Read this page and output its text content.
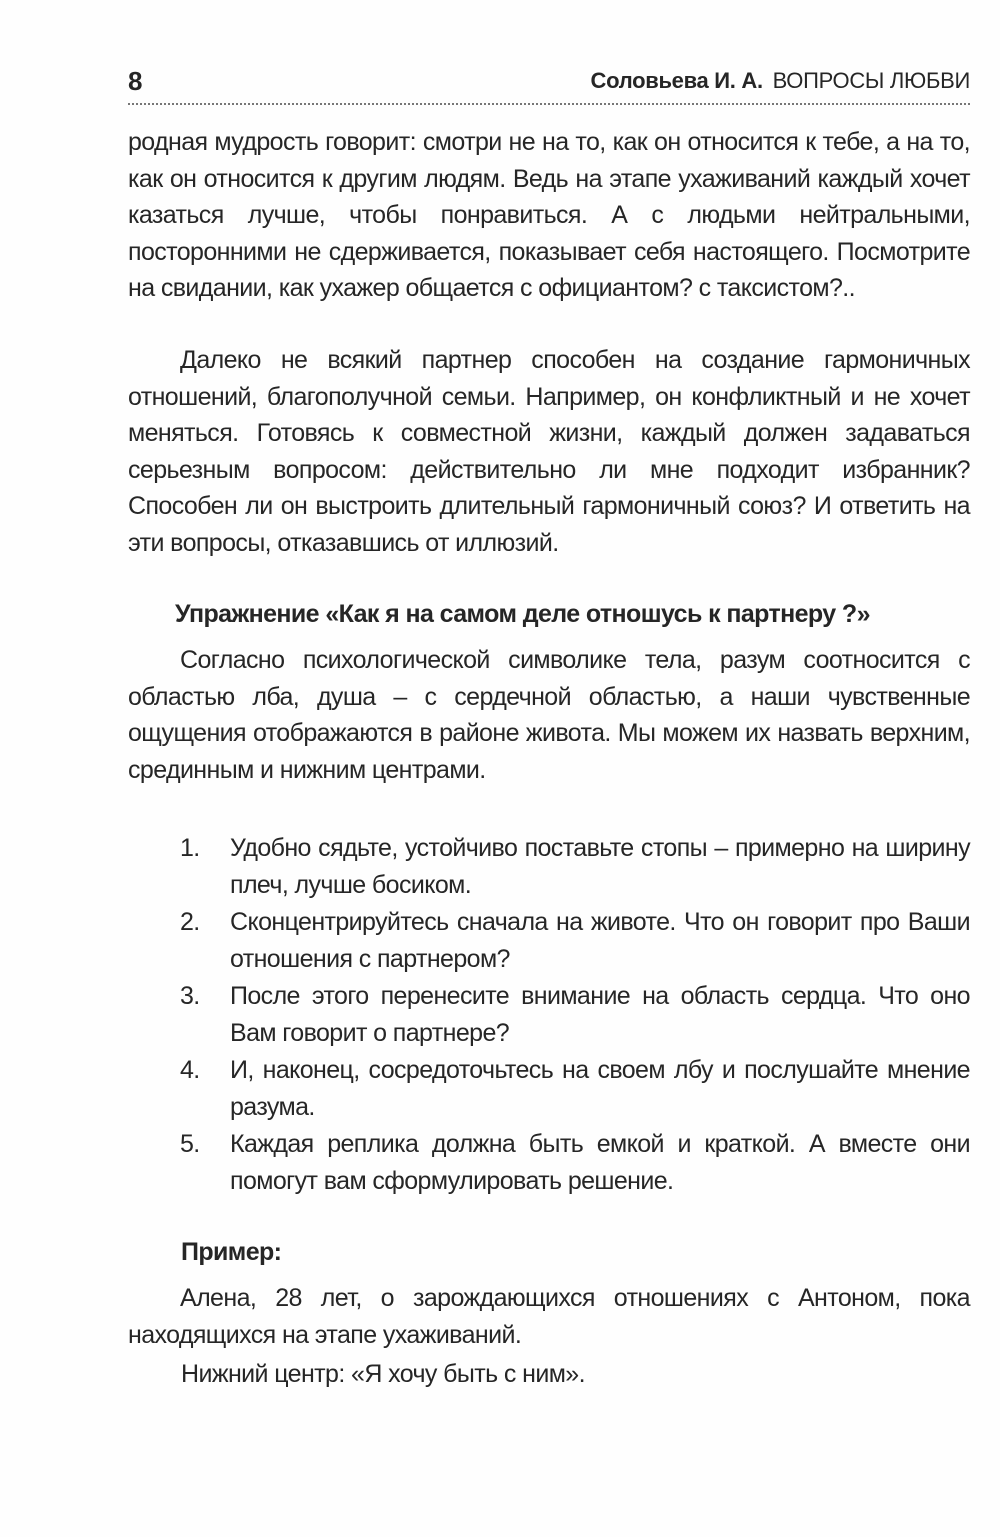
8	Соловьева И. А. ВОПРОСЫ ЛЮБВИ

родная мудрость говорит: смотри не на то, как он относится к тебе, а на то, как он относится к другим людям. Ведь на этапе ухаживаний каждый хочет казаться лучше, чтобы понравиться. А с людьми нейтральными, посторонними не сдерживается, показывает себя настоящего. Посмотрите на свидании, как ухажер общается с официантом? с таксистом?..

Далеко не всякий партнер способен на создание гармоничных отношений, благополучной семьи. Например, он конфликтный и не хочет меняться. Готовясь к совместной жизни, каждый должен задаваться серьезным вопросом: действительно ли мне подходит избранник? Способен ли он выстроить длительный гармоничный союз? И ответить на эти вопросы, отказавшись от иллюзий.

Упражнение «Как я на самом деле отношусь к партнеру ?»

Согласно психологической символике тела, разум соотносится с областью лба, душа – с сердечной областью, а наши чувственные ощущения отображаются в районе живота. Мы можем их назвать верхним, срединным и нижним центрами.

1. Удобно сядьте, устойчиво поставьте стопы – примерно на ширину плеч, лучше босиком.
2. Сконцентрируйтесь сначала на животе. Что он говорит про Ваши отношения с партнером?
3. После этого перенесите внимание на область сердца. Что оно Вам говорит о партнере?
4. И, наконец, сосредоточьтесь на своем лбу и послушайте мнение разума.
5. Каждая реплика должна быть емкой и краткой. А вместе они помогут вам сформулировать решение.

Пример:

Алена, 28 лет, о зарождающихся отношениях с Антоном, пока находящихся на этапе ухаживаний.

Нижний центр: «Я хочу быть с ним».
